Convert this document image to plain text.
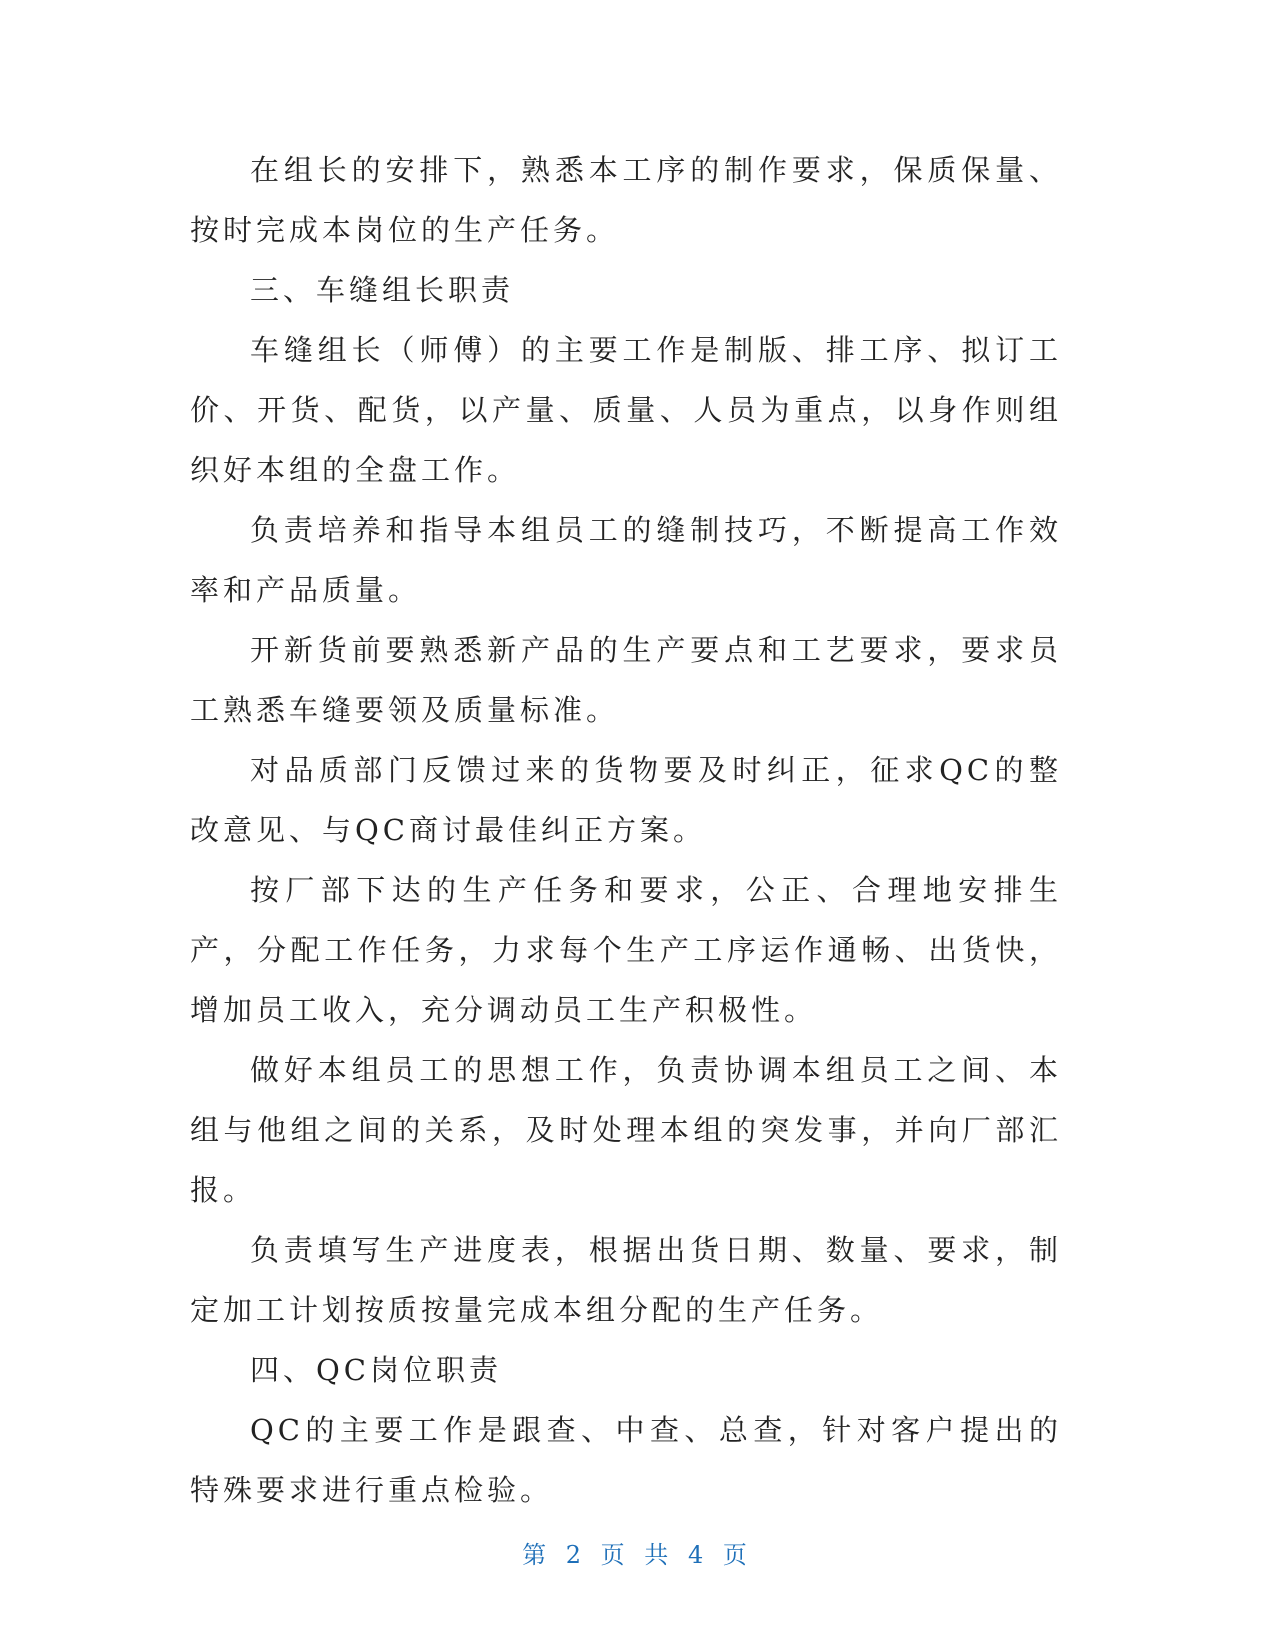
在组长的安排下，熟悉本工序的制作要求，保质保量、按时完成本岗位的生产任务。

三、车缝组长职责

车缝组长（师傅）的主要工作是制版、排工序、拟订工价、开货、配货，以产量、质量、人员为重点，以身作则组织好本组的全盘工作。

负责培养和指导本组员工的缝制技巧，不断提高工作效率和产品质量。

开新货前要熟悉新产品的生产要点和工艺要求，要求员工熟悉车缝要领及质量标准。

对品质部门反馈过来的货物要及时纠正，征求QC的整改意见、与QC商讨最佳纠正方案。

按厂部下达的生产任务和要求，公正、合理地安排生产，分配工作任务，力求每个生产工序运作通畅、出货快，增加员工收入，充分调动员工生产积极性。

做好本组员工的思想工作，负责协调本组员工之间、本组与他组之间的关系，及时处理本组的突发事，并向厂部汇报。

负责填写生产进度表，根据出货日期、数量、要求，制定加工计划按质按量完成本组分配的生产任务。

四、QC岗位职责

QC的主要工作是跟查、中查、总查，针对客户提出的特殊要求进行重点检验。

第 2 页 共 4 页
